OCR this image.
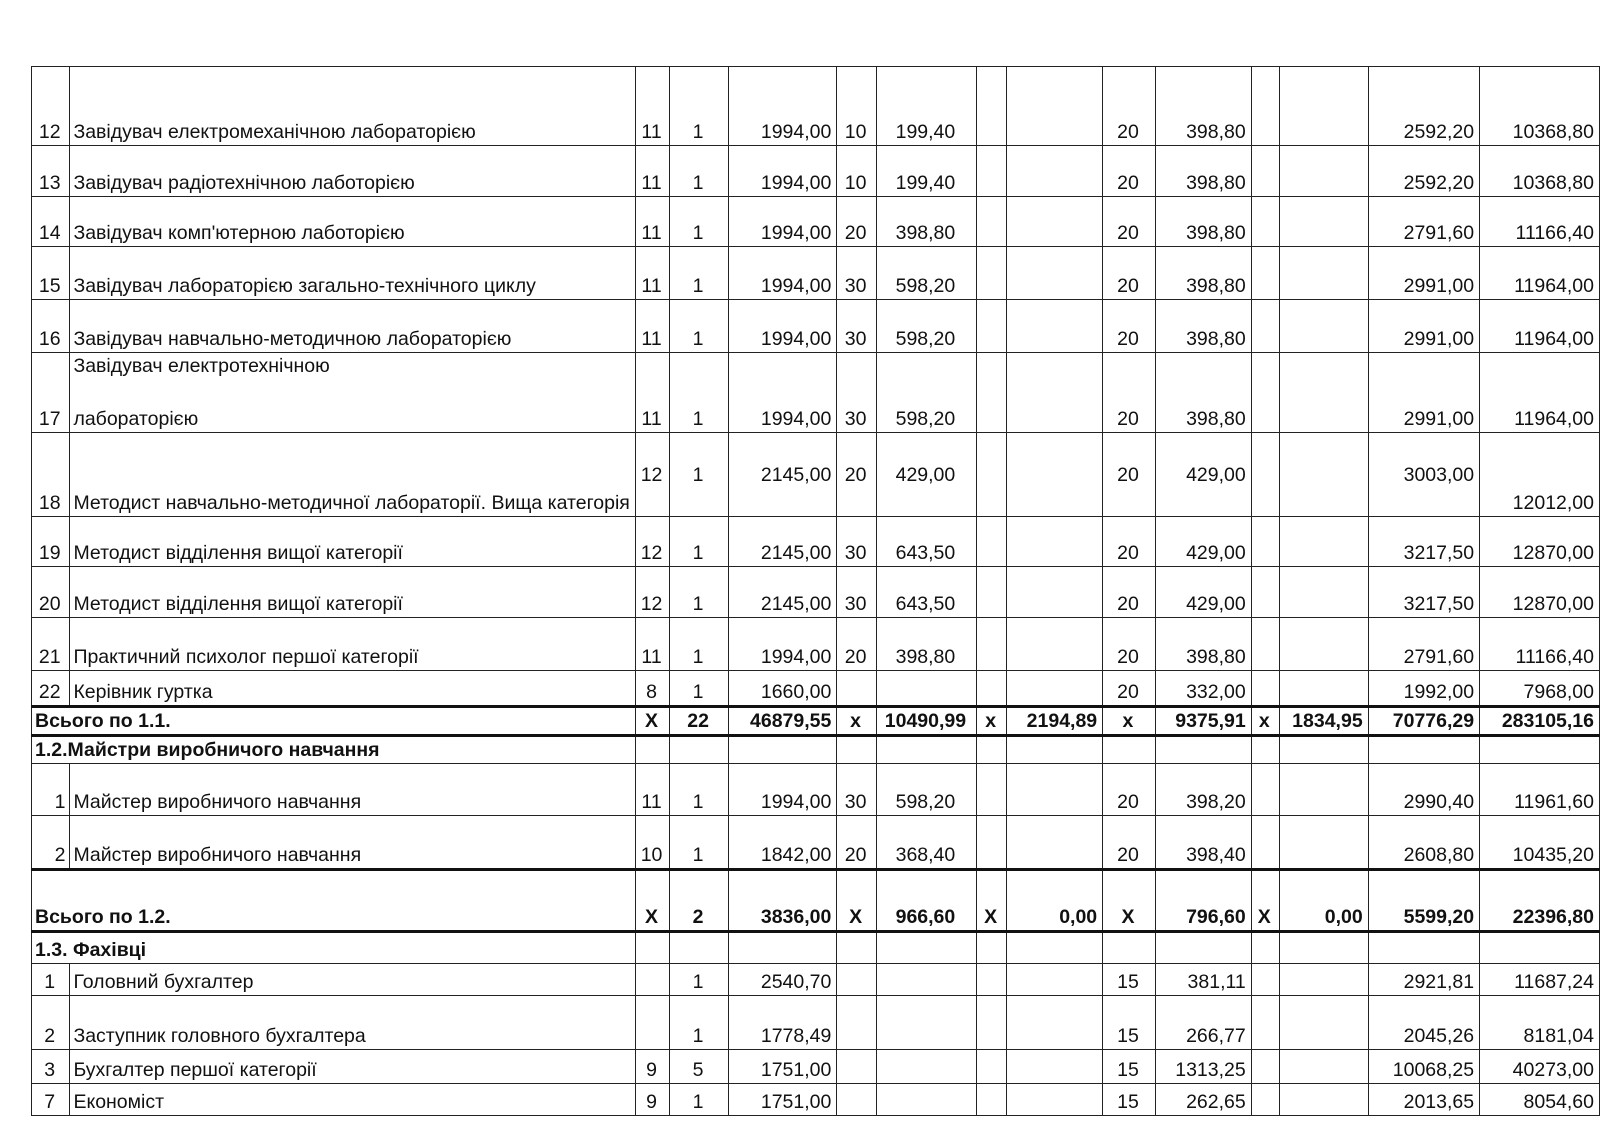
12	Завідувач електромеханічною лабораторією	11	1	1994,00	10	199,40			20	398,80			2592,20	10368,80
13	Завідувач радіотехнічною лаботорією	11	1	1994,00	10	199,40			20	398,80			2592,20	10368,80
14	Завідувач комп'ютерною лаботорією	11	1	1994,00	20	398,80			20	398,80			2791,60	11166,40
15	Завідувач лабораторією загально-технічного циклу	11	1	1994,00	30	598,20			20	398,80			2991,00	11964,00
16	Завідувач навчально-методичною лабораторією	11	1	1994,00	30	598,20			20	398,80			2991,00	11964,00
17	Завідувач електротехнічною
лабораторією	11	1	1994,00	30	598,20			20	398,80			2991,00	11964,00
18	Методист навчально-методичної лабораторії. Вища категорія	12	1	2145,00	20	429,00			20	429,00			3003,00	12012,00
19	Методист відділення вищої категорії	12	1	2145,00	30	643,50			20	429,00			3217,50	12870,00
20	Методист відділення вищої категорії	12	1	2145,00	30	643,50			20	429,00			3217,50	12870,00
21	Практичний психолог першої категорії	11	1	1994,00	20	398,80			20	398,80			2791,60	11166,40
22	Керівник гуртка	8	1	1660,00					20	332,00			1992,00	7968,00
Всього по 1.1.		Х	22	46879,55	х	10490,99	х	2194,89	х	9375,91	х	1834,95	70776,29	283105,16
1.2.Майстри виробничого навчання														
1	Майстер виробничого навчання	11	1	1994,00	30	598,20			20	398,20			2990,40	11961,60
2	Майстер виробничого навчання	10	1	1842,00	20	368,40			20	398,40			2608,80	10435,20
Всього по 1.2.		Х	2	3836,00	Х	966,60	Х	0,00	Х	796,60	Х	0,00	5599,20	22396,80
1.3. Фахівці														
1	Головний бухгалтер		1	2540,70					15	381,11			2921,81	11687,24
2	Заступник головного бухгалтера		1	1778,49					15	266,77			2045,26	8181,04
3	Бухгалтер першої категорії	9	5	1751,00					15	1313,25			10068,25	40273,00
7	Економіст	9	1	1751,00					15	262,65			2013,65	8054,60
